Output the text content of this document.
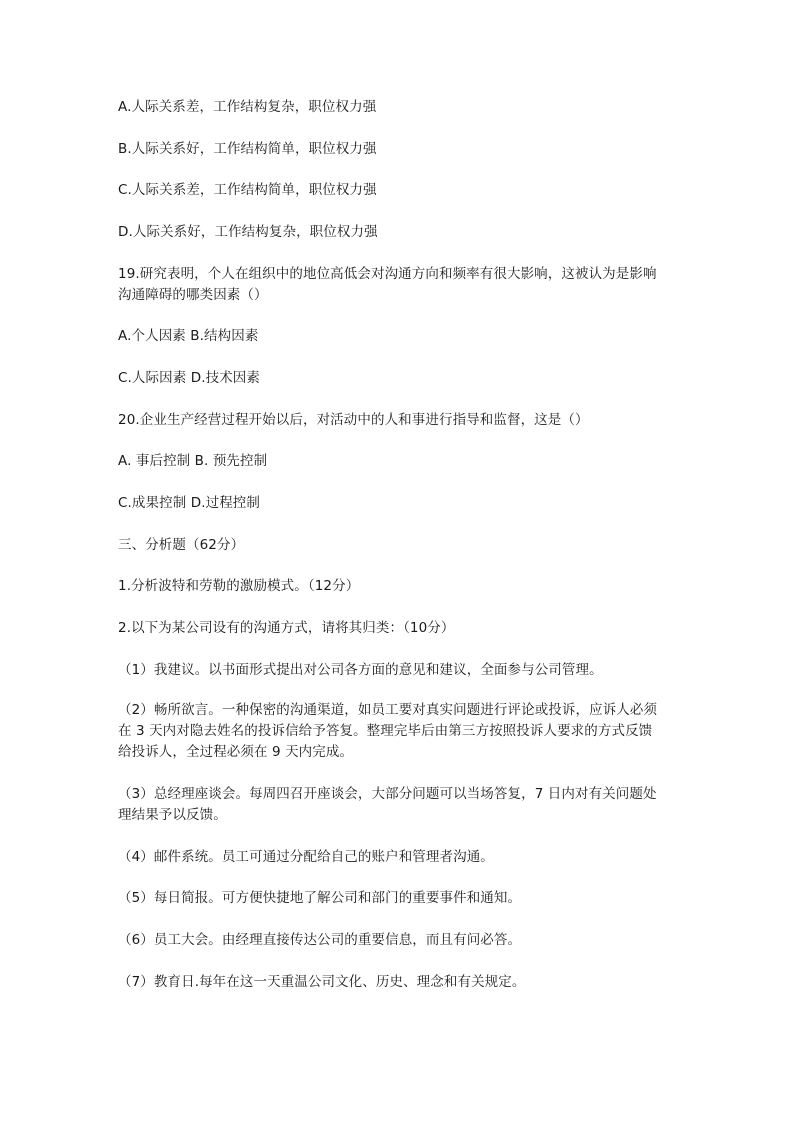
A.人际关系差，工作结构复杂，职位权力强
B.人际关系好，工作结构简单，职位权力强
C.人际关系差，工作结构简单，职位权力强
D.人际关系好，工作结构复杂，职位权力强
19.研究表明，个人在组织中的地位高低会对沟通方向和频率有很大影响，这被认为是影响
沟通障碍的哪类因素（）
A.个人因素 B.结构因素
C.人际因素 D.技术因素
20.企业生产经营过程开始以后，对活动中的人和事进行指导和监督，这是（）
A. 事后控制 B. 预先控制
C.成果控制 D.过程控制
三、分析题（62分）
1.分析波特和劳勒的激励模式。（12分）
2.以下为某公司设有的沟通方式，请将其归类：（10分）
（1）我建议。以书面形式提出对公司各方面的意见和建议，全面参与公司管理。
（2）畅所欲言。一种保密的沟通渠道，如员工要对真实问题进行评论或投诉，应诉人必须
在 3 天内对隐去姓名的投诉信给予答复。整理完毕后由第三方按照投诉人要求的方式反馈
给投诉人，全过程必须在 9 天内完成。
（3）总经理座谈会。每周四召开座谈会，大部分问题可以当场答复，7 日内对有关问题处
理结果予以反馈。
（4）邮件系统。员工可通过分配给自己的账户和管理者沟通。
（5）每日简报。可方便快捷地了解公司和部门的重要事件和通知。
（6）员工大会。由经理直接传达公司的重要信息，而且有问必答。
（7）教育日.每年在这一天重温公司文化、历史、理念和有关规定。
